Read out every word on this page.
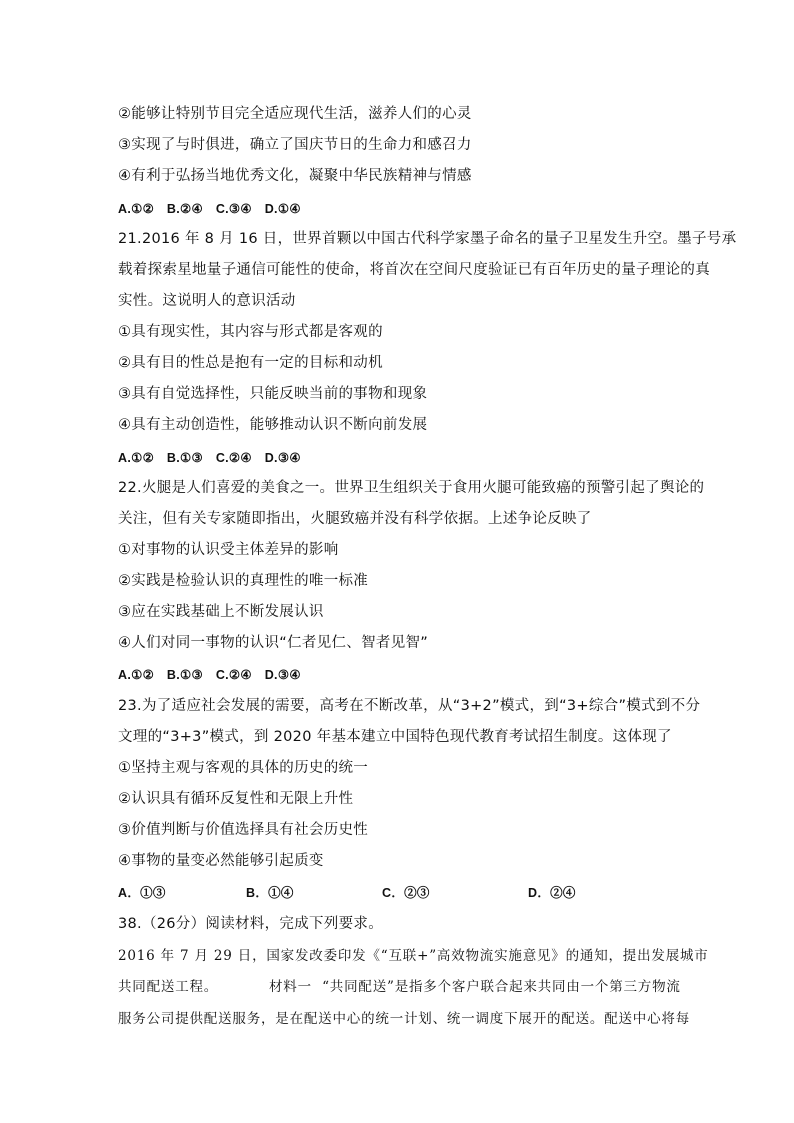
②能够让特别节目完全适应现代生活，滋养人们的心灵
③实现了与时俱进，确立了国庆节日的生命力和感召力
④有利于弘扬当地优秀文化，凝聚中华民族精神与情感
A.①② B.②④ C.③④ D.①④
21.2016 年 8 月 16 日，世界首颗以中国古代科学家墨子命名的量子卫星发生升空。墨子号承
载着探索星地量子通信可能性的使命，将首次在空间尺度验证已有百年历史的量子理论的真
实性。这说明人的意识活动
①具有现实性，其内容与形式都是客观的
②具有目的性总是抱有一定的目标和动机
③具有自觉选择性，只能反映当前的事物和现象
④具有主动创造性，能够推动认识不断向前发展
A.①② B.①③ C.②④ D.③④
22.火腿是人们喜爱的美食之一。世界卫生组织关于食用火腿可能致癌的预警引起了舆论的
关注，但有关专家随即指出，火腿致癌并没有科学依据。上述争论反映了
①对事物的认识受主体差异的影响
②实践是检验认识的真理性的唯一标准
③应在实践基础上不断发展认识
④人们对同一事物的认识“仁者见仁、智者见智”
A.①② B.①③ C.②④ D.③④
23.为了适应社会发展的需要，高考在不断改革，从“3+2”模式，到“3+综合”模式到不分
文理的“3+3”模式，到 2020 年基本建立中国特色现代教育考试招生制度。这体现了
①坚持主观与客观的具体的历史的统一
②认识具有循环反复性和无限上升性
③价值判断与价值选择具有社会历史性
④事物的量变必然能够引起质变
A．①③	B．①④	C．②③	D．②④
38.（26分）阅读材料，完成下列要求。
2016 年 7 月 29 日，国家发改委印发《“互联+”高效物流实施意见》的通知，提出发展城市
共同配送工程。          材料一  “共同配送”是指多个客户联合起来共同由一个第三方物流
服务公司提供配送服务，是在配送中心的统一计划、统一调度下展开的配送。配送中心将每
